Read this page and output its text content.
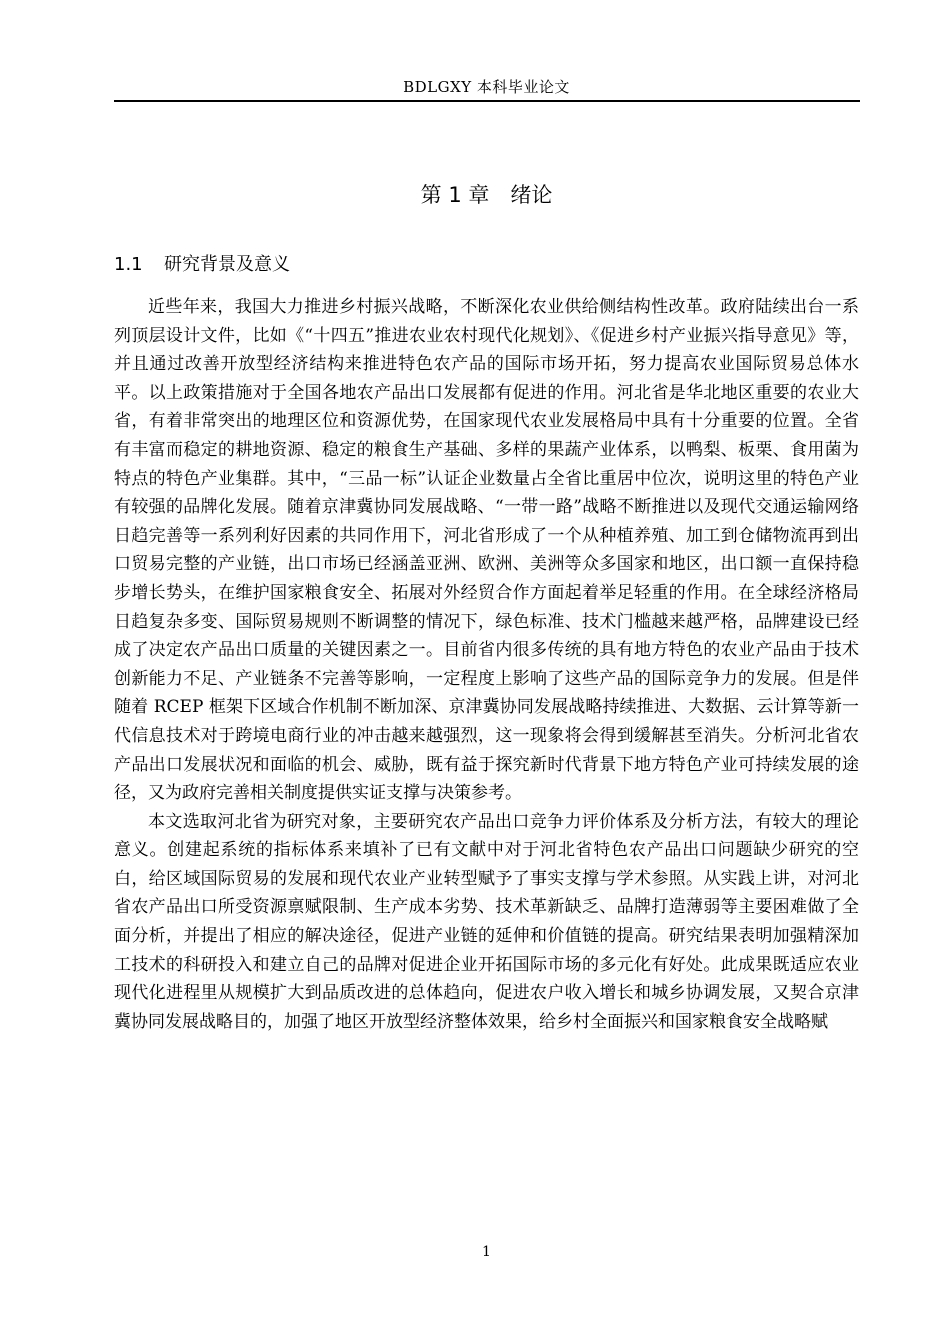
BDLGXY 本科毕业论文
第 1 章　绪论
1.1 研究背景及意义

近些年来，我国大力推进乡村振兴战略，不断深化农业供给侧结构性改革。政府陆续出台一系列顶层设计文件，比如《“十四五”推进农业农村现代化规划》、《促进乡村产业振兴指导意见》等，并且通过改善开放型经济结构来推进特色农产品的国际市场开拓，努力提高农业国际贸易总体水平。以上政策措施对于全国各地农产品出口发展都有促进的作用。河北省是华北地区重要的农业大省，有着非常突出的地理区位和资源优势，在国家现代农业发展格局中具有十分重要的位置。全省有丰富而稳定的耕地资源、稳定的粮食生产基础、多样的果蔬产业体系，以鸭梨、板栗、食用菌为特点的特色产业集群。其中，“三品一标”认证企业数量占全省比重居中位次，说明这里的特色产业有较强的品牌化发展。随着京津冀协同发展战略、“一带一路”战略不断推进以及现代交通运输网络日趋完善等一系列利好因素的共同作用下，河北省形成了一个从种植养殖、加工到仓储物流再到出口贸易完整的产业链，出口市场已经涵盖亚洲、欧洲、美洲等众多国家和地区，出口额一直保持稳步增长势头，在维护国家粮食安全、拓展对外经贸合作方面起着举足轻重的作用。在全球经济格局日趋复杂多变、国际贸易规则不断调整的情况下，绿色标准、技术门槛越来越严格，品牌建设已经成了决定农产品出口质量的关键因素之一。目前省内很多传统的具有地方特色的农业产品由于技术创新能力不足、产业链条不完善等影响，一定程度上影响了这些产品的国际竞争力的发展。但是伴随着 RCEP 框架下区域合作机制不断加深、京津冀协同发展战略持续推进、大数据、云计算等新一代信息技术对于跨境电商行业的冲击越来越强烈，这一现象将会得到缓解甚至消失。分析河北省农产品出口发展状况和面临的机会、威胁，既有益于探究新时代背景下地方特色产业可持续发展的途径，又为政府完善相关制度提供实证支撑与决策参考。

本文选取河北省为研究对象，主要研究农产品出口竞争力评价体系及分析方法，有较大的理论意义。创建起系统的指标体系来填补了已有文献中对于河北省特色农产品出口问题缺少研究的空白，给区域国际贸易的发展和现代农业产业转型赋予了事实支撑与学术参照。从实践上讲，对河北省农产品出口所受资源禀赋限制、生产成本劣势、技术革新缺乏、品牌打造薄弱等主要困难做了全面分析，并提出了相应的解决途径，促进产业链的延伸和价值链的提高。研究结果表明加强精深加工技术的科研投入和建立自己的品牌对促进企业开拓国际市场的多元化有好处。此成果既适应农业现代化进程里从规模扩大到品质改进的总体趋向，促进农户收入增长和城乡协调发展，又契合京津冀协同发展战略目的，加强了地区开放型经济整体效果，给乡村全面振兴和国家粮食安全战略赋

1
